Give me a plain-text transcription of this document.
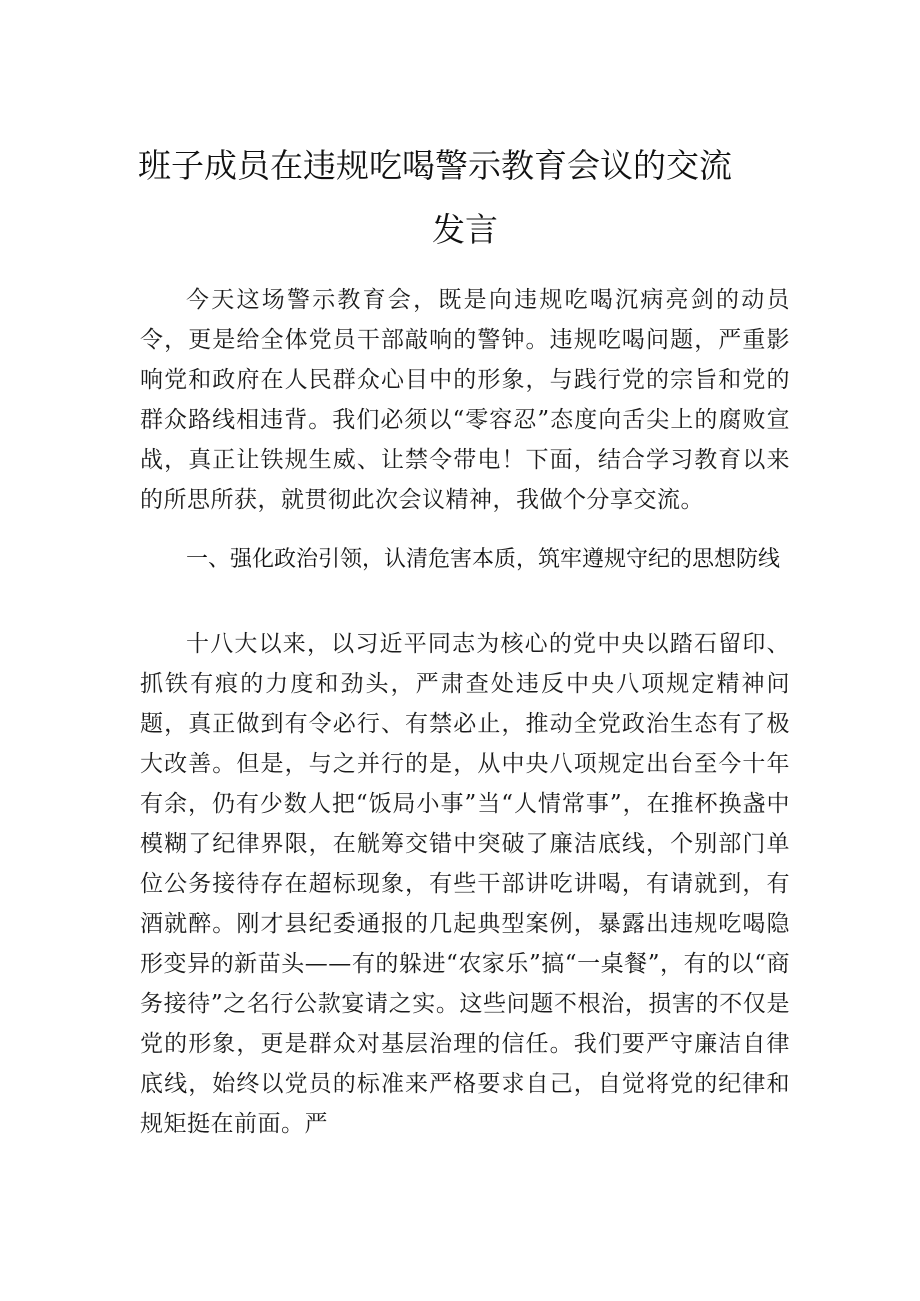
班子成员在违规吃喝警示教育会议的交流
发言

今天这场警示教育会，既是向违规吃喝沉病亮剑的动员令，更是给全体党员干部敲响的警钟。违规吃喝问题，严重影响党和政府在人民群众心目中的形象，与践行党的宗旨和党的群众路线相违背。我们必须以“零容忍”态度向舌尖上的腐败宣战，真正让铁规生威、让禁令带电！下面，结合学习教育以来的所思所获，就贯彻此次会议精神，我做个分享交流。

一、强化政治引领，认清危害本质，筑牢遵规守纪的思想防线

十八大以来，以习近平同志为核心的党中央以踏石留印、抓铁有痕的力度和劲头，严肃查处违反中央八项规定精神问题，真正做到有令必行、有禁必止，推动全党政治生态有了极大改善。但是，与之并行的是，从中央八项规定出台至今十年有余，仍有少数人把“饭局小事”当“人情常事”，在推杯换盏中模糊了纪律界限，在觥筹交错中突破了廉洁底线，个别部门单位公务接待存在超标现象，有些干部讲吃讲喝，有请就到，有酒就醉。刚才县纪委通报的几起典型案例，暴露出违规吃喝隐形变异的新苗头——有的躲进“农家乐”搞“一桌餐”，有的以“商务接待”之名行公款宴请之实。这些问题不根治，损害的不仅是党的形象，更是群众对基层治理的信任。我们要严守廉洁自律底线，始终以党员的标准来严格要求自己，自觉将党的纪律和规矩挺在前面。严
